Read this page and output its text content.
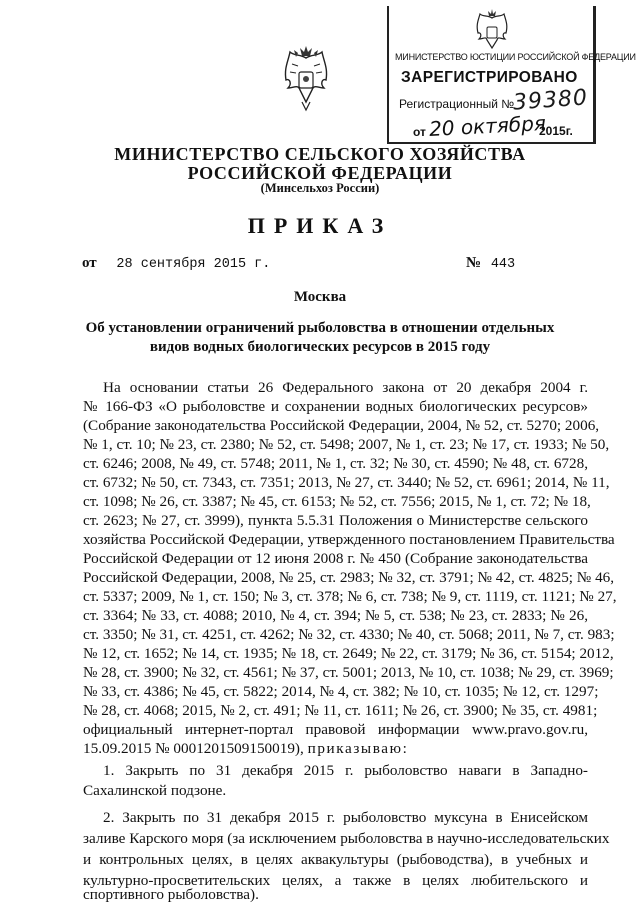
МИНИСТЕРСТВО ЮСТИЦИИ РОССИЙСКОЙ ФЕДЕРАЦИИ
ЗАРЕГИСТРИРОВАНО
Регистрационный №
39380
от 20 октября
2015г.
МИНИСТЕРСТВО СЕЛЬСКОГО ХОЗЯЙСТВА
РОССИЙСКОЙ ФЕДЕРАЦИИ
(Минсельхоз России)
ПРИКАЗ
от 28 сентября 2015 г.	№ 443
Москва
Об установлении ограничений рыболовства в отношении отдельных
видов водных биологических ресурсов в 2015 году
На основании статьи 26 Федерального закона от 20 декабря 2004 г.
№ 166-ФЗ «О рыболовстве и сохранении водных биологических ресурсов»
(Собрание законодательства Российской Федерации, 2004, № 52, ст. 5270; 2006,
№ 1, ст. 10; № 23, ст. 2380; № 52, ст. 5498; 2007, № 1, ст. 23; № 17, ст. 1933; № 50,
ст. 6246; 2008, № 49, ст. 5748; 2011, № 1, ст. 32; № 30, ст. 4590; № 48, ст. 6728,
ст. 6732; № 50, ст. 7343, ст. 7351; 2013, № 27, ст. 3440; № 52, ст. 6961; 2014, № 11,
ст. 1098; № 26, ст. 3387; № 45, ст. 6153; № 52, ст. 7556; 2015, № 1, ст. 72; № 18,
ст. 2623; № 27, ст. 3999), пункта 5.5.31 Положения о Министерстве сельского
хозяйства Российской Федерации, утвержденного постановлением Правительства
Российской Федерации от 12 июня 2008 г. № 450 (Собрание законодательства
Российской Федерации, 2008, № 25, ст. 2983; № 32, ст. 3791; № 42, ст. 4825; № 46,
ст. 5337; 2009, № 1, ст. 150; № 3, ст. 378; № 6, ст. 738; № 9, ст. 1119, ст. 1121; № 27,
ст. 3364; № 33, ст. 4088; 2010, № 4, ст. 394; № 5, ст. 538; № 23, ст. 2833; № 26,
ст. 3350; № 31, ст. 4251, ст. 4262; № 32, ст. 4330; № 40, ст. 5068; 2011, № 7, ст. 983;
№ 12, ст. 1652; № 14, ст. 1935; № 18, ст. 2649; № 22, ст. 3179; № 36, ст. 5154; 2012,
№ 28, ст. 3900; № 32, ст. 4561; № 37, ст. 5001; 2013, № 10, ст. 1038; № 29, ст. 3969;
№ 33, ст. 4386; № 45, ст. 5822; 2014, № 4, ст. 382; № 10, ст. 1035; № 12, ст. 1297;
№ 28, ст. 4068; 2015, № 2, ст. 491; № 11, ст. 1611; № 26, ст. 3900; № 35, ст. 4981;
официальный интернет-портал правовой информации www.pravo.gov.ru,
15.09.2015 № 0001201509150019), приказываю:
1. Закрыть по 31 декабря 2015 г. рыболовство наваги в Западно-
Сахалинской подзоне.
2. Закрыть по 31 декабря 2015 г. рыболовство муксуна в Енисейском
заливе Карского моря (за исключением рыболовства в научно-исследовательских
и контрольных целях, в целях аквакультуры (рыбоводства), в учебных и
культурно-просветительских целях, а также в целях любительского и
спортивного рыболовства).
